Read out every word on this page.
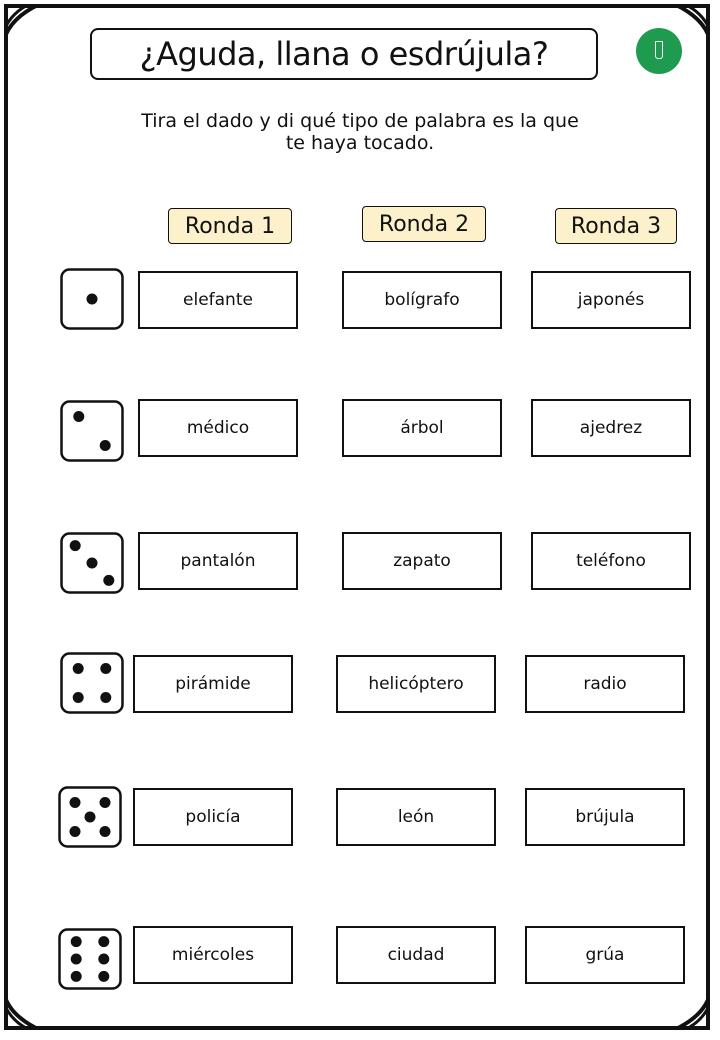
¿Aguda, llana o esdrújula?
Tira el dado y di qué tipo de palabra es la que
te haya tocado.
Ronda 1	Ronda 2	Ronda 3
elefante	bolígrafo	japonés
médico	árbol	ajedrez
pantalón	zapato	teléfono
pirámide	helicóptero	radio
policía	león	brújula
miércoles	ciudad	grúa
